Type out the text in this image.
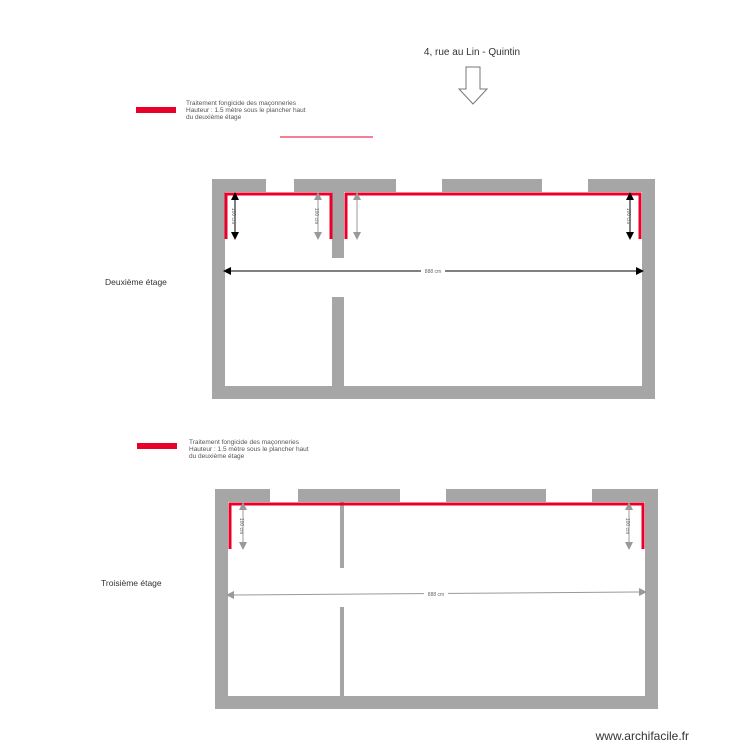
4, rue au Lin - Quintin
Traitement fongicide des maçonneries
Hauteur : 1.5 mètre sous le plancher haut
du deuxième étage
100 cm	100 cm	100 cm
888 cm
Deuxième étage
Traitement fongicide des maçonneries
Hauteur : 1.5 mètre sous le plancher haut
du deuxième étage
100 cm	100 cm
888 cm
Troisième étage
www.archifacile.fr
